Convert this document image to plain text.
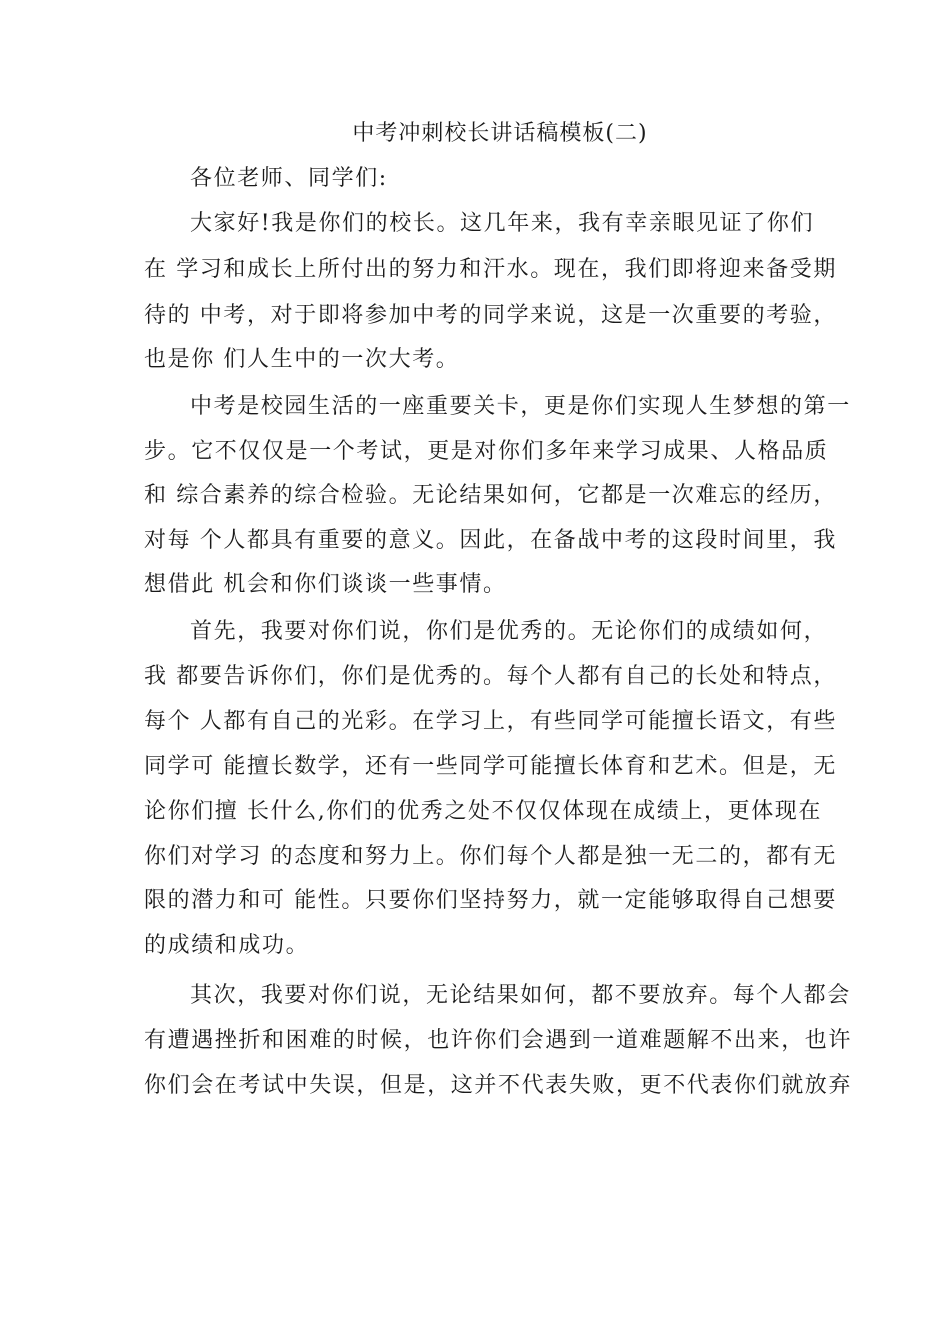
中考冲刺校长讲话稿模板(二)
各位老师、同学们:
大家好!我是你们的校长。这几年来，我有幸亲眼见证了你们
在 学习和成长上所付出的努力和汗水。现在，我们即将迎来备受期
待的 中考，对于即将参加中考的同学来说，这是一次重要的考验，
也是你 们人生中的一次大考。
中考是校园生活的一座重要关卡，更是你们实现人生梦想的第一
步。它不仅仅是一个考试，更是对你们多年来学习成果、人格品质
和 综合素养的综合检验。无论结果如何，它都是一次难忘的经历，
对每 个人都具有重要的意义。因此，在备战中考的这段时间里，我
想借此 机会和你们谈谈一些事情。
首先，我要对你们说，你们是优秀的。无论你们的成绩如何，
我 都要告诉你们，你们是优秀的。每个人都有自己的长处和特点，
每个 人都有自己的光彩。在学习上，有些同学可能擅长语文，有些
同学可 能擅长数学，还有一些同学可能擅长体育和艺术。但是，无
论你们擅 长什么,你们的优秀之处不仅仅体现在成绩上，更体现在
你们对学习 的态度和努力上。你们每个人都是独一无二的，都有无
限的潜力和可 能性。只要你们坚持努力，就一定能够取得自己想要
的成绩和成功。
其次，我要对你们说，无论结果如何，都不要放弃。每个人都会
有遭遇挫折和困难的时候，也许你们会遇到一道难题解不出来，也许
你们会在考试中失误，但是，这并不代表失败，更不代表你们就放弃
